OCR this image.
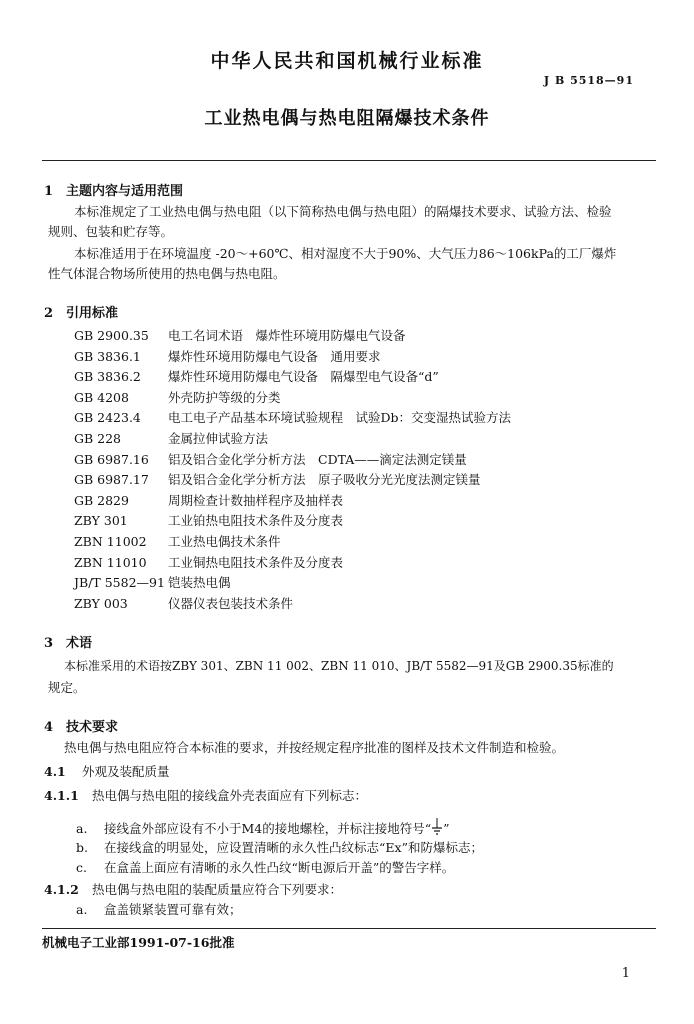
中华人民共和国机械行业标准
J B 5518—91
工业热电偶与热电阻隔爆技术条件
1 主题内容与适用范围
本标准规定了工业热电偶与热电阻（以下简称热电偶与热电阻）的隔爆技术要求、试验方法、检验
规则、包装和贮存等。
本标准适用于在环境温度 -20～+60℃、相对湿度不大于90%、大气压力86～106kPa的工厂爆炸
性气体混合物场所使用的热电偶与热电阻。
2 引用标准
GB 2900.35 电工名词术语　爆炸性环境用防爆电气设备
GB 3836.1 爆炸性环境用防爆电气设备　通用要求
GB 3836.2 爆炸性环境用防爆电气设备　隔爆型电气设备“d”
GB 4208	外壳防护等级的分类
GB 2423.4 电工电子产品基本环境试验规程　试验Db：交变湿热试验方法
GB 228	金属拉伸试验方法
GB 6987.16 铝及铝合金化学分析方法　CDTA——滴定法测定镁量
GB 6987.17 铝及铝合金化学分析方法　原子吸收分光光度法测定镁量
GB 2829	周期检查计数抽样程序及抽样表
ZBY 301	工业铂热电阻技术条件及分度表
ZBN 11002 工业热电偶技术条件
ZBN 11010 工业铜热电阻技术条件及分度表
JB/T 5582—91 铠装热电偶
ZBY 003	仪器仪表包装技术条件
3 术语
本标准采用的术语按ZBY 301、ZBN 11 002、ZBN 11 010、JB/T 5582—91及GB 2900.35标准的
规定。
4 技术要求
热电偶与热电阻应符合本标准的要求，并按经规定程序批准的图样及技术文件制造和检验。
4.1 外观及装配质量
4.1.1 热电偶与热电阻的接线盒外壳表面应有下列标志：
a. 接线盒外部应设有不小于M4的接地螺栓，并标注接地符号“ ”
b. 在接线盒的明显处，应设置清晰的永久性凸纹标志“Ex”和防爆标志；
c. 在盒盖上面应有清晰的永久性凸纹“断电源后开盖”的警告字样。
4.1.2 热电偶与热电阻的装配质量应符合下列要求：
a. 盒盖锁紧装置可靠有效；
机械电子工业部1991-07-16批准
1
